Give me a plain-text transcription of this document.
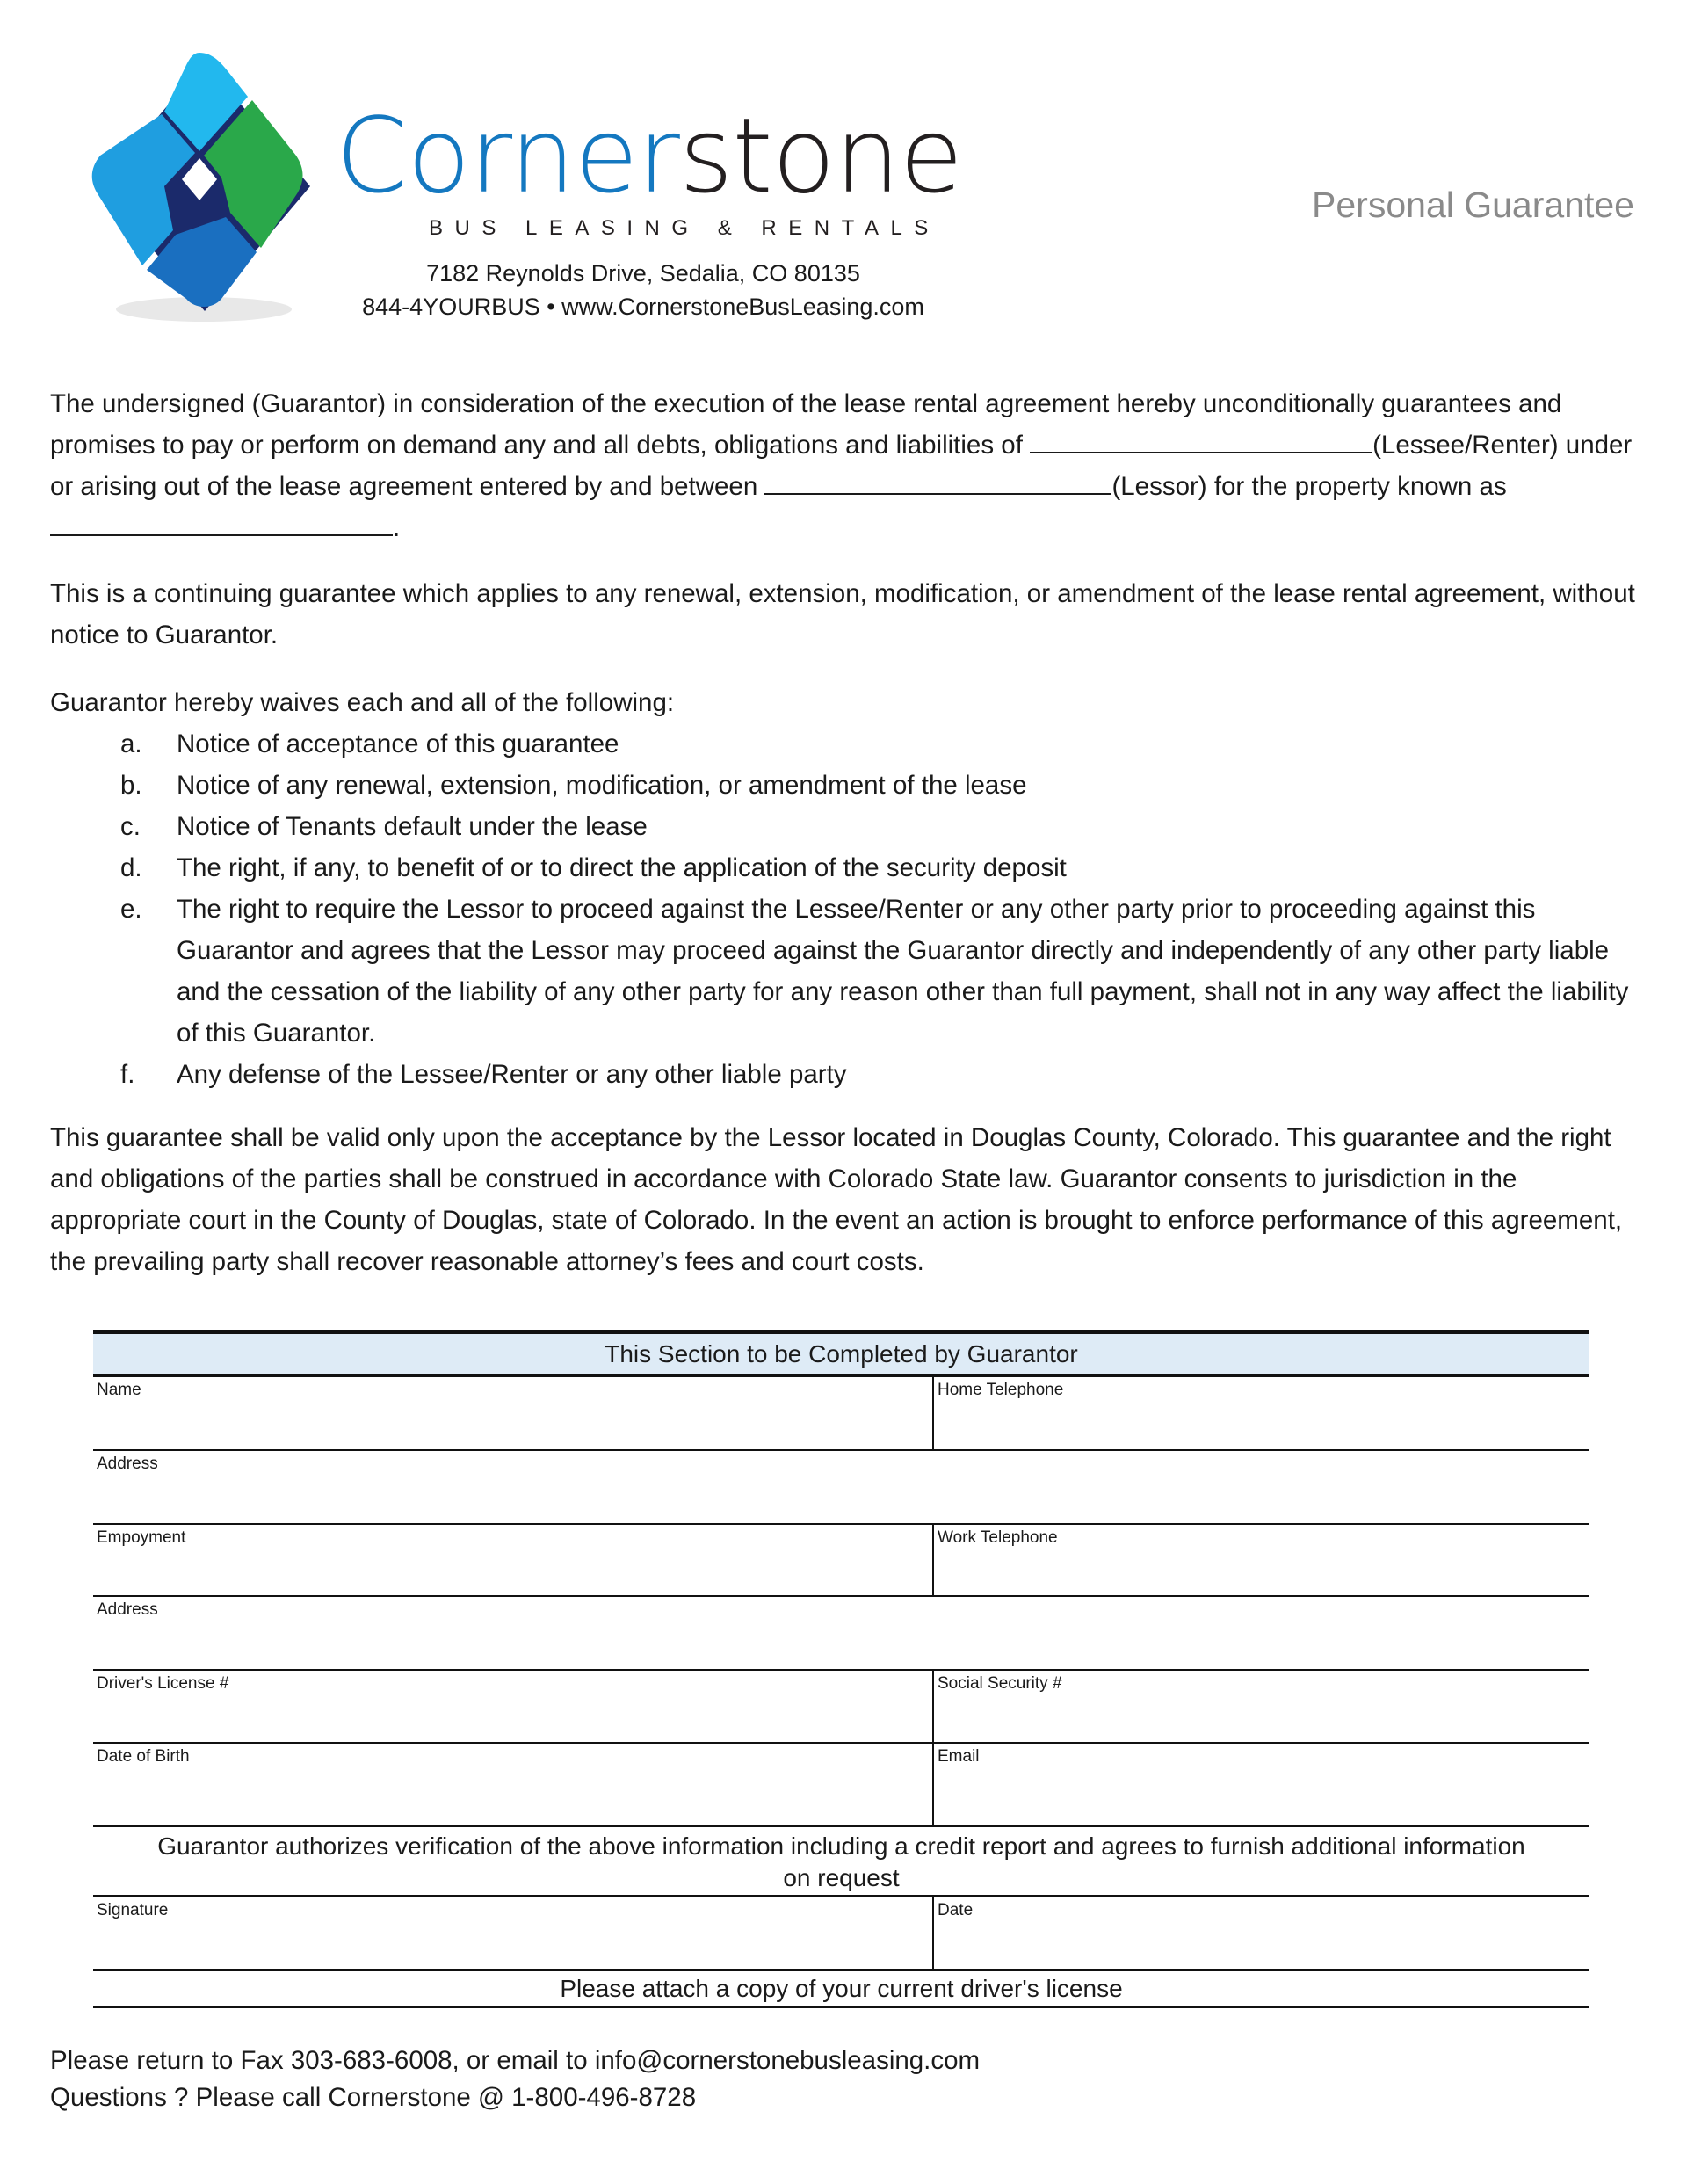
Cornerstone
BUS LEASING & RENTALS
7182 Reynolds Drive, Sedalia, CO 80135
844-4YOURBUS • www.CornerstoneBusLeasing.com
Personal Guarantee
The undersigned (Guarantor) in consideration of the execution of the lease rental agreement hereby unconditionally guarantees and promises to pay or perform on demand any and all debts, obligations and liabilities of	(Lessee/Renter) under or arising out of the lease agreement entered by and between	(Lessor) for the property known as .
This is a continuing guarantee which applies to any renewal, extension, modification, or amendment of the lease rental agreement, without notice to Guarantor.
Guarantor hereby waives each and all of the following:
a. Notice of acceptance of this guarantee
b. Notice of any renewal, extension, modification, or amendment of the lease
c. Notice of Tenants default under the lease
d. The right, if any, to benefit of or to direct the application of the security deposit
e. The right to require the Lessor to proceed against the Lessee/Renter or any other party prior to proceeding against this Guarantor and agrees that the Lessor may proceed against the Guarantor directly and independently of any other party liable and the cessation of the liability of any other party for any reason other than full payment, shall not in any way affect the liability of this Guarantor.
f. Any defense of the Lessee/Renter or any other liable party
This guarantee shall be valid only upon the acceptance by the Lessor located in Douglas County, Colorado. This guarantee and the right and obligations of the parties shall be construed in accordance with Colorado State law. Guarantor consents to jurisdiction in the appropriate court in the County of Douglas, state of Colorado. In the event an action is brought to enforce performance of this agreement, the prevailing party shall recover reasonable attorney’s fees and court costs.
This Section to be Completed by Guarantor
Name	Home Telephone
Address
Empoyment	Work Telephone
Address
Driver's License #	Social Security #
Date of Birth	Email
Guarantor authorizes verification of the above information including a credit report and agrees to furnish additional information on request
Signature	Date
Please attach a copy of your current driver's license
Please return to Fax 303-683-6008, or email to info@cornerstonebusleasing.com
Questions ? Please call Cornerstone @ 1-800-496-8728
